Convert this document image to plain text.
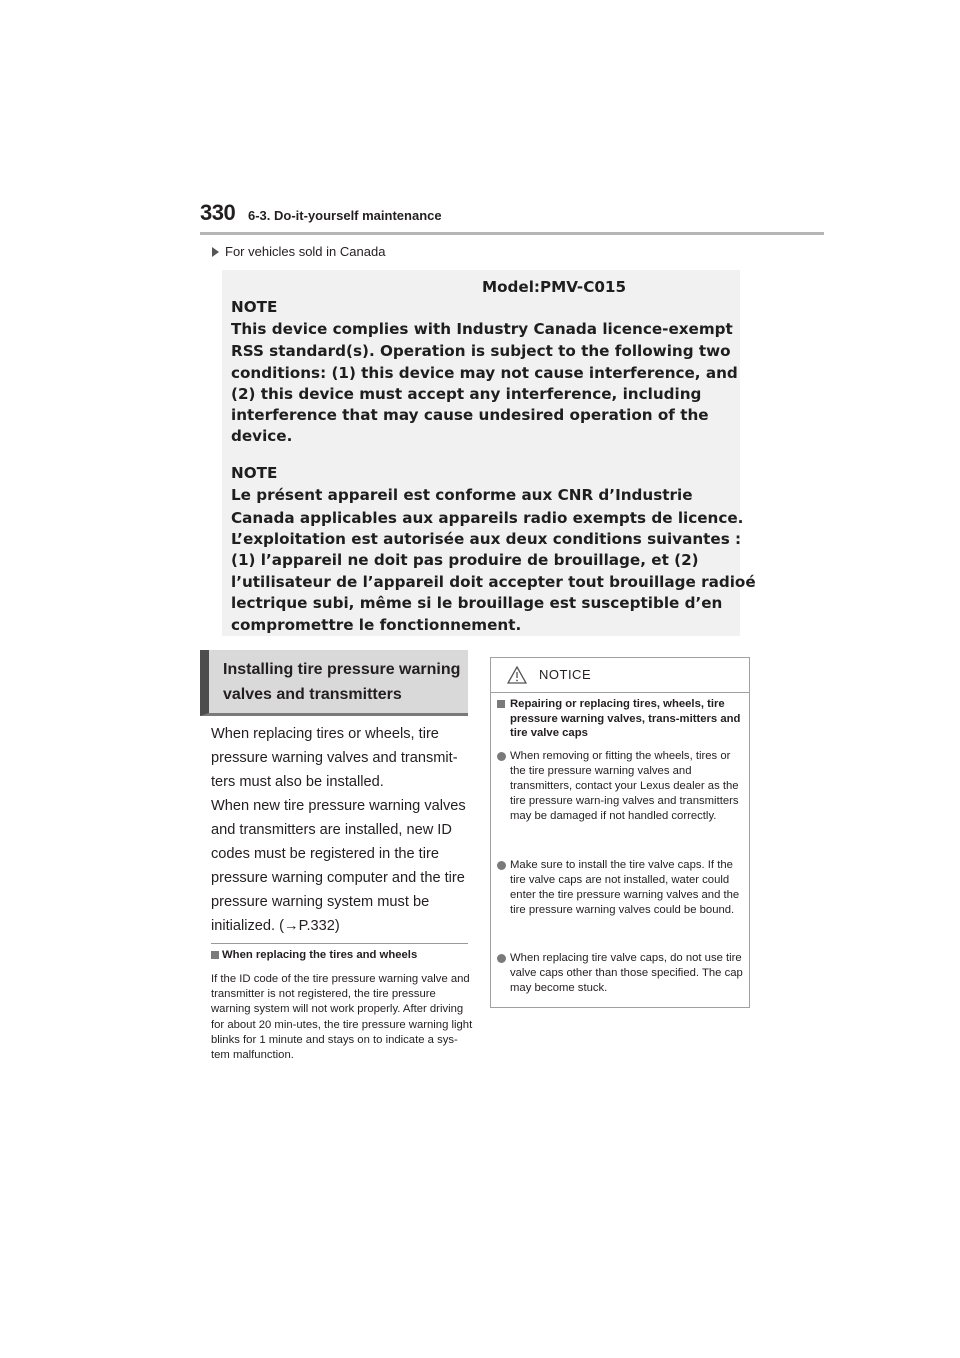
330 6-3. Do-it-yourself maintenance
For vehicles sold in Canada
Model:PMV-C015
NOTE
This device complies with Industry Canada licence-exempt
RSS standard(s). Operation is subject to the following two
conditions: (1) this device may not cause interference, and
(2) this device must accept any interference, including
interference that may cause undesired operation of the
device.
NOTE
Le présent appareil est conforme aux CNR d’Industrie
Canada applicables aux appareils radio exempts de licence.
L’exploitation est autorisée aux deux conditions suivantes :
(1) l’appareil ne doit pas produire de brouillage, et (2)
l’utilisateur de l’appareil doit accepter tout brouillage radioé
lectrique subi, même si le brouillage est susceptible d’en
compromettre le fonctionnement.
Installing tire pressure warning
valves and transmitters
When replacing tires or wheels, tire pressure warning valves and transmit-ters must also be installed.
When new tire pressure warning valves and transmitters are installed, new ID codes must be registered in the tire pressure warning computer and the tire pressure warning system must be initialized. (→P.332)
When replacing the tires and wheels
If the ID code of the tire pressure warning valve and transmitter is not registered, the tire pressure warning system will not work properly. After driving for about 20 min-utes, the tire pressure warning light blinks for 1 minute and stays on to indicate a sys-tem malfunction.
NOTICE
Repairing or replacing tires, wheels, tire pressure warning valves, trans-mitters and tire valve caps
When removing or fitting the wheels, tires or the tire pressure warning valves and transmitters, contact your Lexus dealer as the tire pressure warn-ing valves and transmitters may be damaged if not handled correctly.
Make sure to install the tire valve caps. If the tire valve caps are not installed, water could enter the tire pressure warning valves and the tire pressure warning valves could be bound.
When replacing tire valve caps, do not use tire valve caps other than those specified. The cap may become stuck.
